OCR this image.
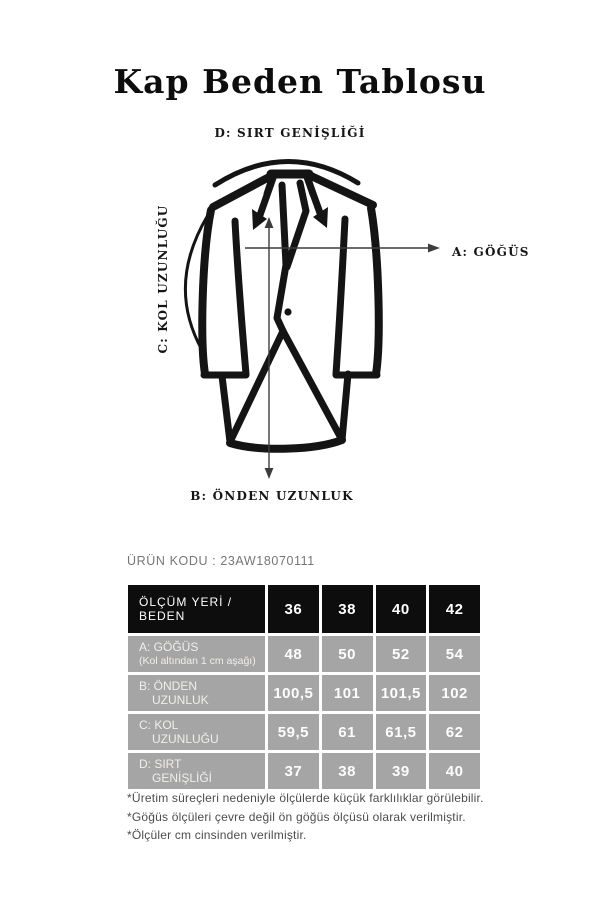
Kap Beden Tablosu
D: SIRT GENİŞLİĞİ
C: KOL UZUNLUĞU	A: GÖĞÜS
B: ÖNDEN UZUNLUK
ÜRÜN KODU : 23AW18070111
ÖLÇÜM YERİ / BEDEN	36	38	40	42
A: GÖĞÜS
(Kol altından 1 cm aşağı)	48	50	52	54
B: ÖNDEN
UZUNLUK	100,5	101	101,5	102
C: KOL
UZUNLUĞU	59,5	61	61,5	62
D: SIRT
GENİŞLİĞİ	37	38	39	40
*Üretim süreçleri nedeniyle ölçülerde küçük farklılıklar görülebilir.
*Göğüs ölçüleri çevre değil ön göğüs ölçüsü olarak verilmiştir.
*Ölçüler cm cinsinden verilmiştir.
